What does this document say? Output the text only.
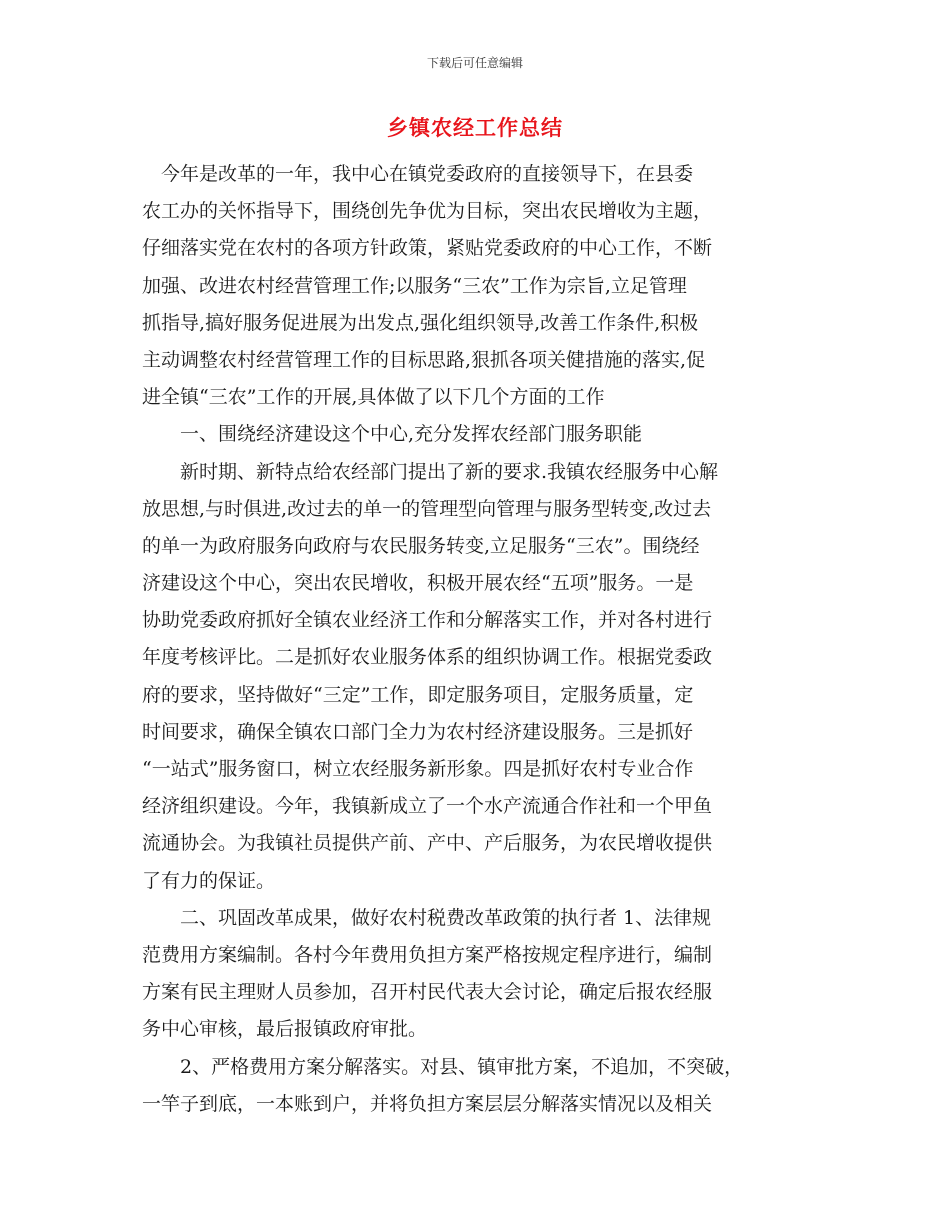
下载后可任意编辑
乡镇农经工作总结
　今年是改革的一年，我中心在镇党委政府的直接领导下，在县委
农工办的关怀指导下，围绕创先争优为目标，突出农民增收为主题，
仔细落实党在农村的各项方针政策，紧贴党委政府的中心工作，不断
加强、改进农村经营管理工作;以服务“三农”工作为宗旨,立足管理
抓指导,搞好服务促进展为出发点,强化组织领导,改善工作条件,积极
主动调整农村经营管理工作的目标思路,狠抓各项关健措施的落实,促
进全镇“三农”工作的开展,具体做了以下几个方面的工作
　　一、围绕经济建设这个中心,充分发挥农经部门服务职能
　　新时期、新特点给农经部门提出了新的要求.我镇农经服务中心解
放思想,与时俱进,改过去的单一的管理型向管理与服务型转变,改过去
的单一为政府服务向政府与农民服务转变,立足服务“三农”。围绕经
济建设这个中心，突出农民增收，积极开展农经“五项”服务。一是
协助党委政府抓好全镇农业经济工作和分解落实工作，并对各村进行
年度考核评比。二是抓好农业服务体系的组织协调工作。根据党委政
府的要求，坚持做好“三定”工作，即定服务项目，定服务质量，定
时间要求，确保全镇农口部门全力为农村经济建设服务。三是抓好
“一站式”服务窗口，树立农经服务新形象。四是抓好农村专业合作
经济组织建设。今年，我镇新成立了一个水产流通合作社和一个甲鱼
流通协会。为我镇社员提供产前、产中、产后服务，为农民增收提供
了有力的保证。
　　二、巩固改革成果，做好农村税费改革政策的执行者 1、法律规
范费用方案编制。各村今年费用负担方案严格按规定程序进行，编制
方案有民主理财人员参加，召开村民代表大会讨论，确定后报农经服
务中心审核，最后报镇政府审批。
　　2、严格费用方案分解落实。对县、镇审批方案，不追加，不突破，
一竿子到底，一本账到户，并将负担方案层层分解落实情况以及相关
